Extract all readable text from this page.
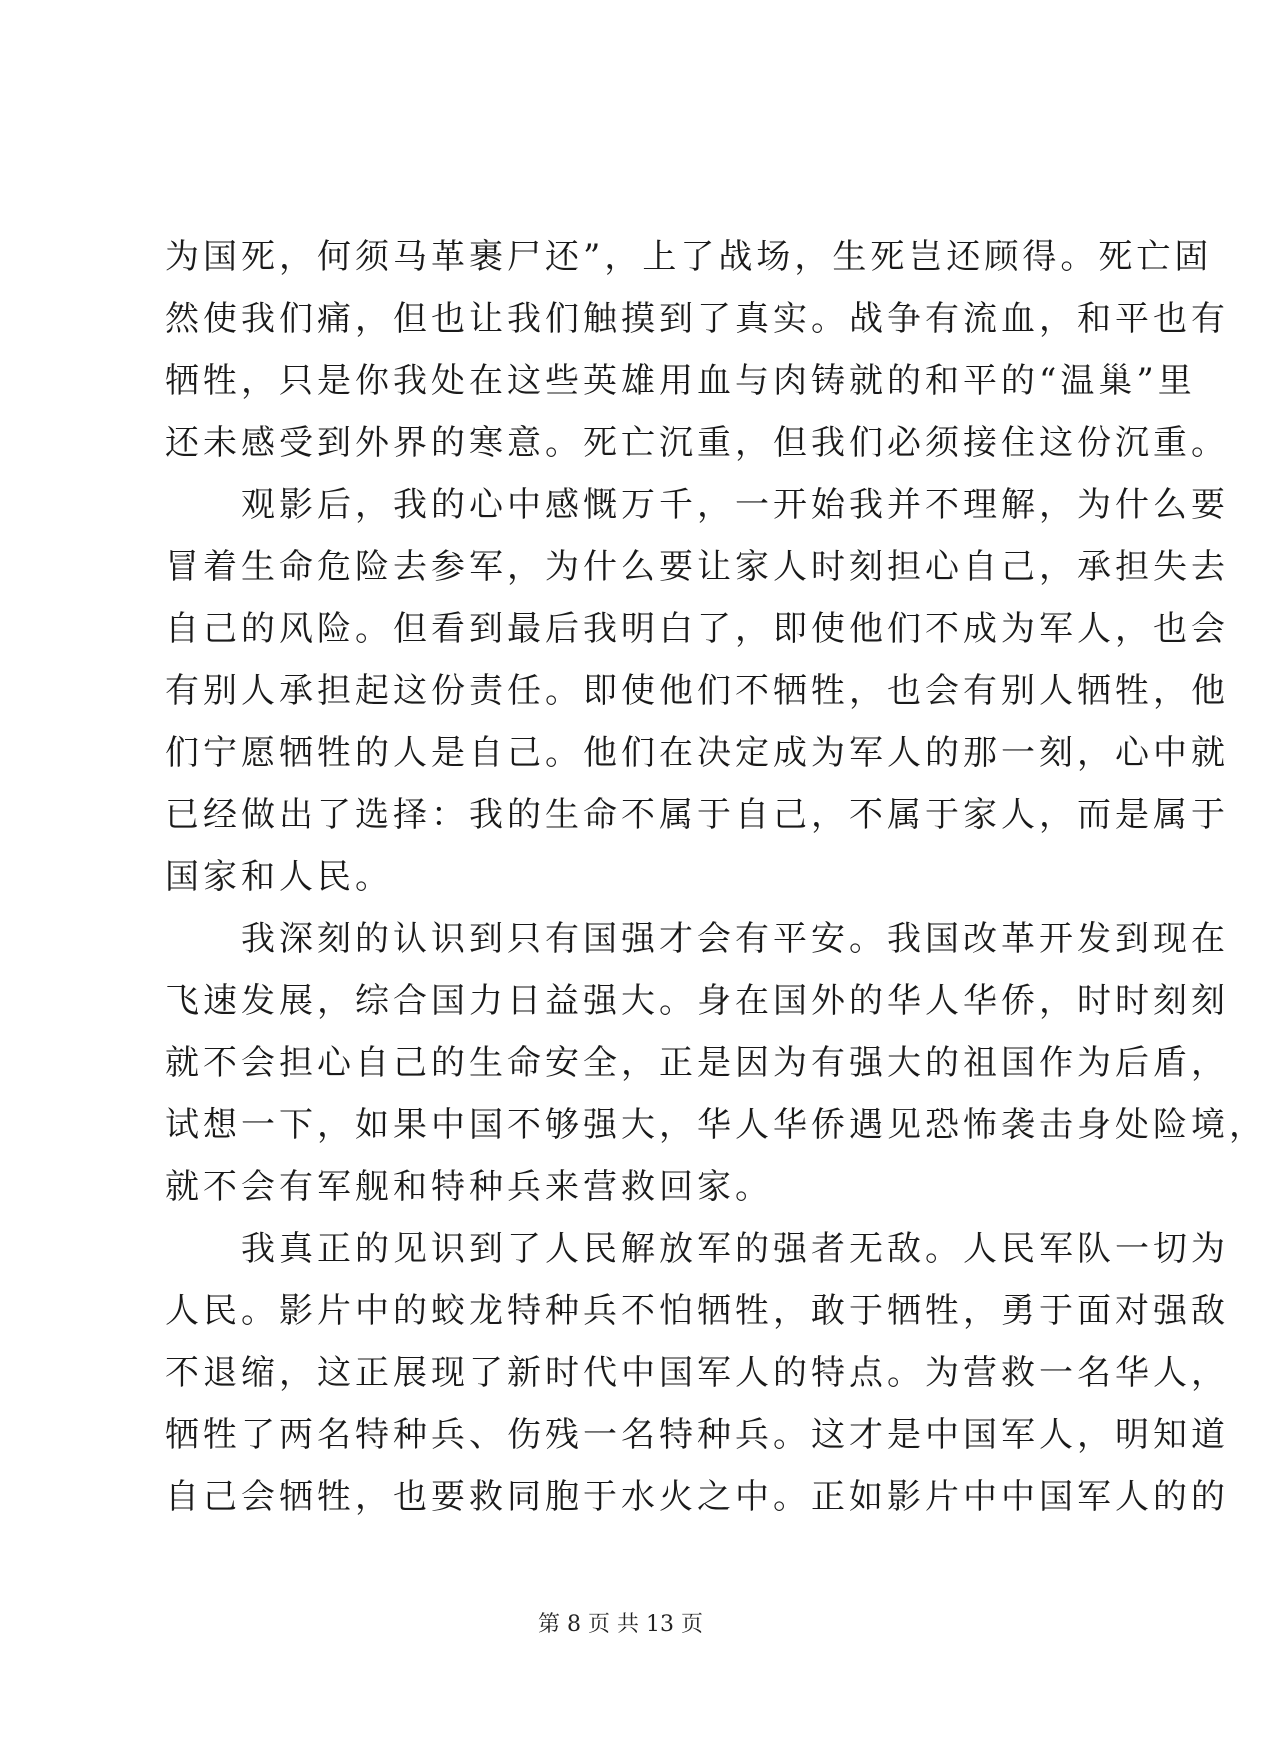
为国死，何须马革裹尸还”，上了战场，生死岂还顾得。死亡固
然使我们痛，但也让我们触摸到了真实。战争有流血，和平也有
牺牲，只是你我处在这些英雄用血与肉铸就的和平的“温巢”里
还未感受到外界的寒意。死亡沉重，但我们必须接住这份沉重。
　　观影后，我的心中感慨万千，一开始我并不理解，为什么要
冒着生命危险去参军，为什么要让家人时刻担心自己，承担失去
自己的风险。但看到最后我明白了，即使他们不成为军人，也会
有别人承担起这份责任。即使他们不牺牲，也会有别人牺牲，他
们宁愿牺牲的人是自己。他们在决定成为军人的那一刻，心中就
已经做出了选择：我的生命不属于自己，不属于家人，而是属于
国家和人民。
　　我深刻的认识到只有国强才会有平安。我国改革开发到现在
飞速发展，综合国力日益强大。身在国外的华人华侨，时时刻刻
就不会担心自己的生命安全，正是因为有强大的祖国作为后盾，
试想一下，如果中国不够强大，华人华侨遇见恐怖袭击身处险境，
就不会有军舰和特种兵来营救回家。
　　我真正的见识到了人民解放军的强者无敌。人民军队一切为
人民。影片中的蛟龙特种兵不怕牺牲，敢于牺牲，勇于面对强敌
不退缩，这正展现了新时代中国军人的特点。为营救一名华人，
牺牲了两名特种兵、伤残一名特种兵。这才是中国军人，明知道
自己会牺牲，也要救同胞于水火之中。正如影片中中国军人的的
第 8 页 共 13 页
